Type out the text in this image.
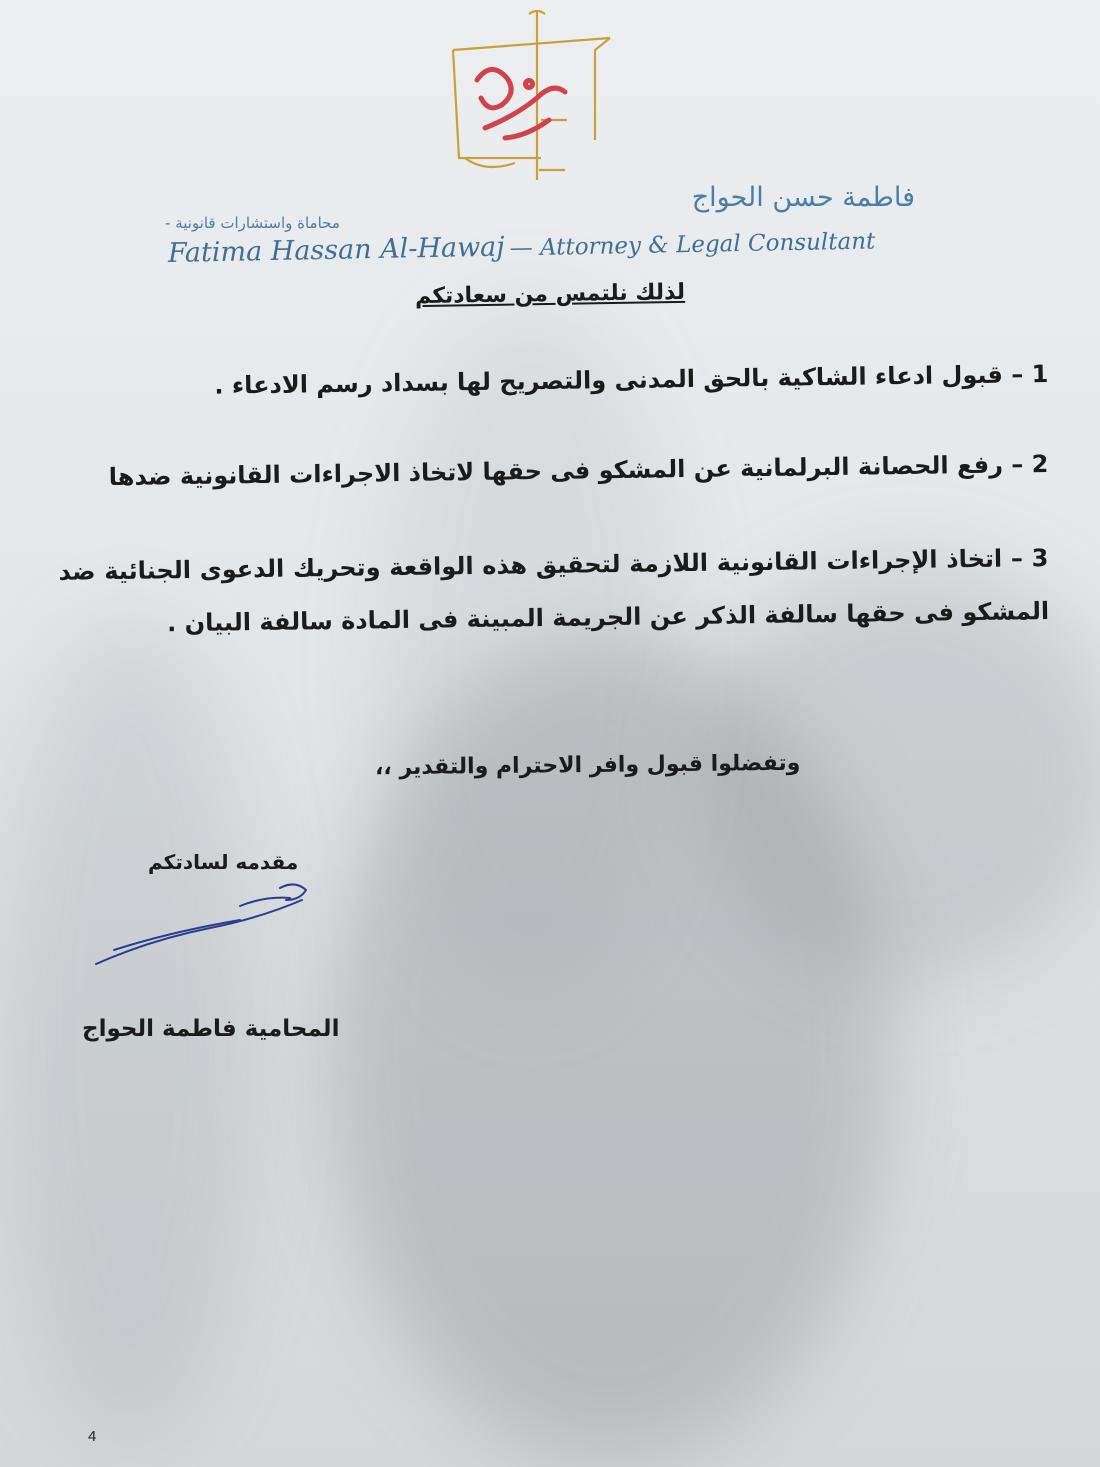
فاطمة حسن الحواج
- محاماة واستشارات قانونية
Fatima Hassan Al-Hawaj — Attorney & Legal Consultant

لذلك نلتمس من سعادتكم

1 – قبول ادعاء الشاكية بالحق المدنى والتصريح لها بسداد رسم الادعاء .

2 – رفع الحصانة البرلمانية عن المشكو فى حقها لاتخاذ الاجراءات القانونية ضدها

3 – اتخاذ الإجراءات القانونية اللازمة لتحقيق هذه الواقعة وتحريك الدعوى الجنائية ضد المشكو فى حقها سالفة الذكر عن الجريمة المبينة فى المادة سالفة البيان .

وتفضلوا قبول وافر الاحترام والتقدير ،،

مقدمه لسادتكم

المحامية فاطمة الحواج

4
